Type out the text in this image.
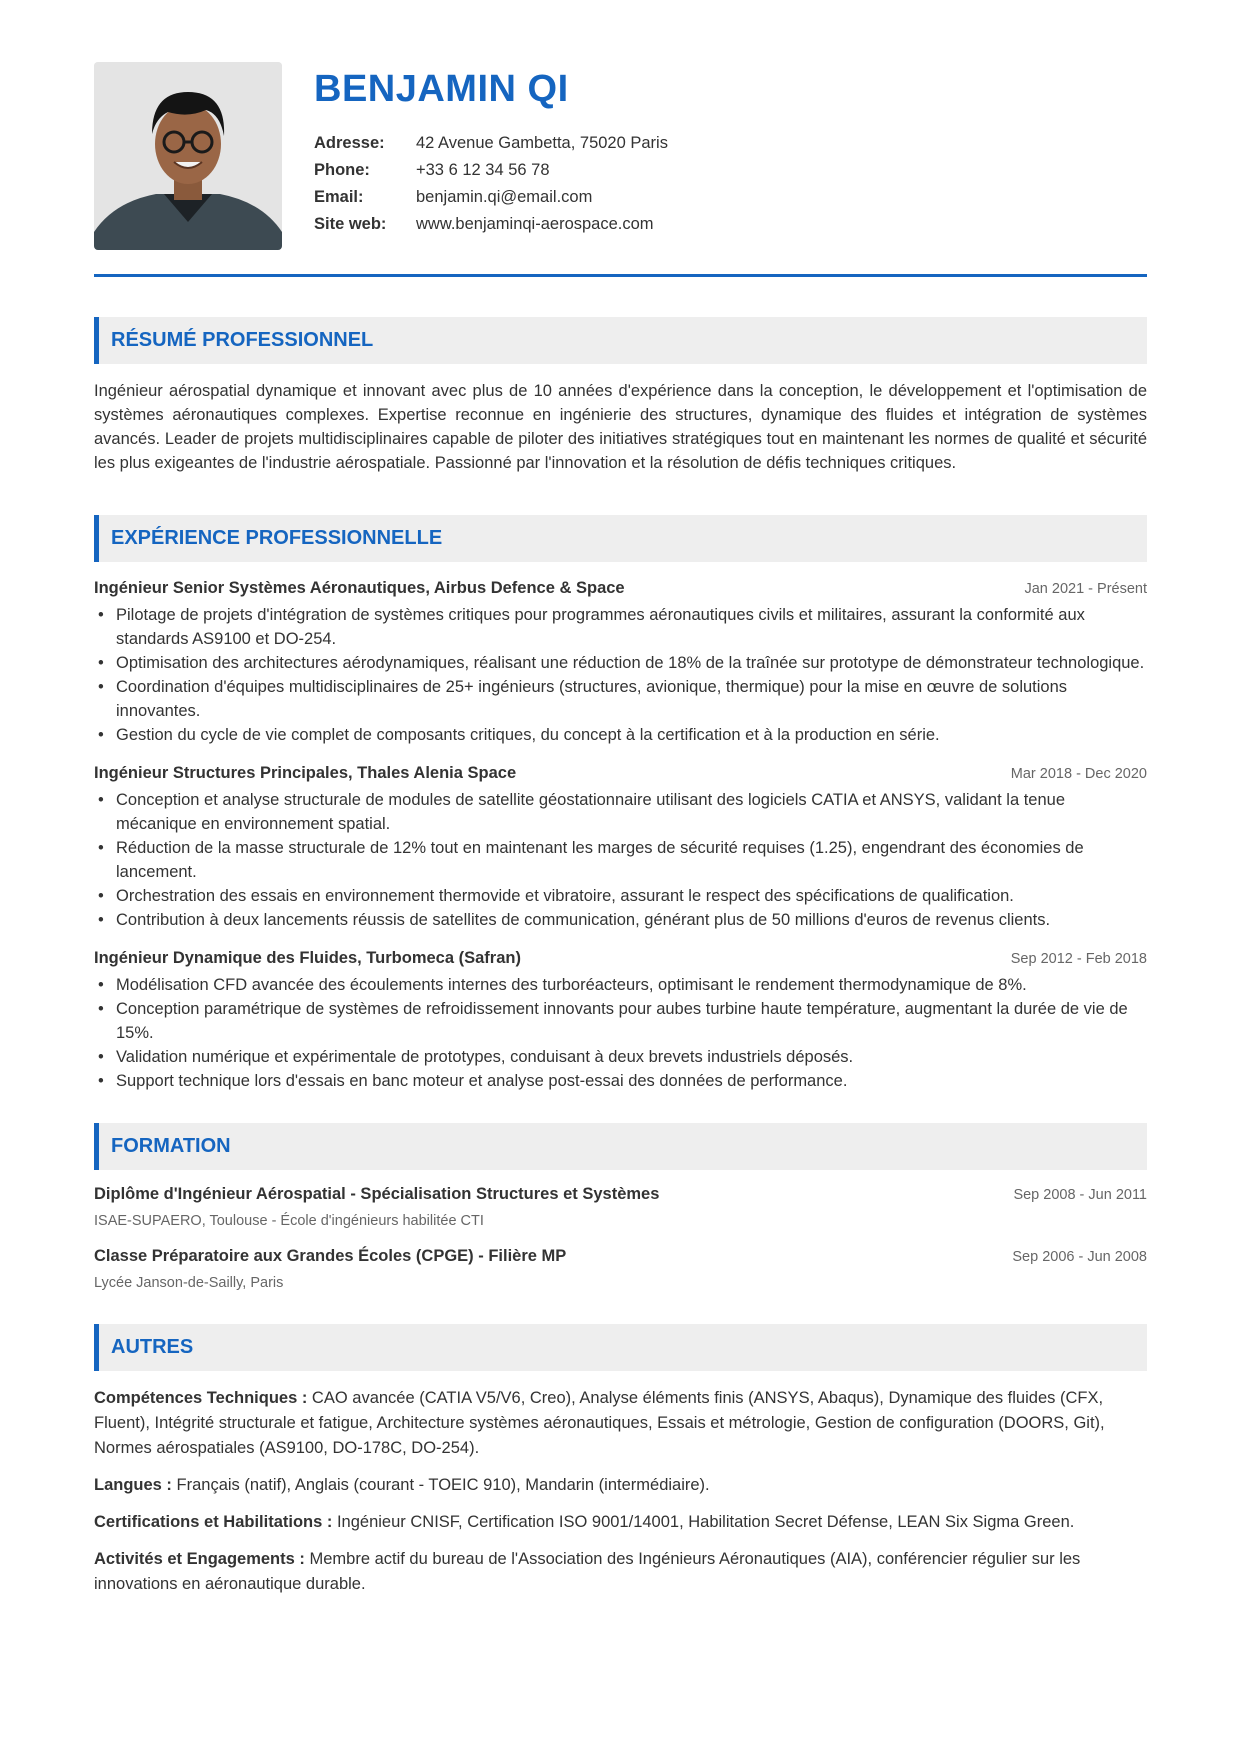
BENJAMIN QI
Adresse:	42 Avenue Gambetta, 75020 Paris
Phone:	+33 6 12 34 56 78
Email:	benjamin.qi@email.com
Site web:	www.benjaminqi-aerospace.com
RÉSUMÉ PROFESSIONNEL

Ingénieur aérospatial dynamique et innovant avec plus de 10 années d'expérience dans la conception, le développement et l'optimisation de systèmes aéronautiques complexes. Expertise reconnue en ingénierie des structures, dynamique des fluides et intégration de systèmes avancés. Leader de projets multidisciplinaires capable de piloter des initiatives stratégiques tout en maintenant les normes de qualité et sécurité les plus exigeantes de l'industrie aérospatiale. Passionné par l'innovation et la résolution de défis techniques critiques.

EXPÉRIENCE PROFESSIONNELLE
Ingénieur Senior Systèmes Aéronautiques, Airbus Defence & Space	Jan 2021 - Présent
• Pilotage de projets d'intégration de systèmes critiques pour programmes aéronautiques civils et militaires, assurant la conformité aux standards AS9100 et DO-254.
• Optimisation des architectures aérodynamiques, réalisant une réduction de 18% de la traînée sur prototype de démonstrateur technologique.
• Coordination d'équipes multidisciplinaires de 25+ ingénieurs (structures, avionique, thermique) pour la mise en œuvre de solutions innovantes.
• Gestion du cycle de vie complet de composants critiques, du concept à la certification et à la production en série.
Ingénieur Structures Principales, Thales Alenia Space	Mar 2018 - Dec 2020
• Conception et analyse structurale de modules de satellite géostationnaire utilisant des logiciels CATIA et ANSYS, validant la tenue mécanique en environnement spatial.
• Réduction de la masse structurale de 12% tout en maintenant les marges de sécurité requises (1.25), engendrant des économies de lancement.
• Orchestration des essais en environnement thermovide et vibratoire, assurant le respect des spécifications de qualification.
• Contribution à deux lancements réussis de satellites de communication, générant plus de 50 millions d'euros de revenus clients.
Ingénieur Dynamique des Fluides, Turbomeca (Safran)	Sep 2012 - Feb 2018
• Modélisation CFD avancée des écoulements internes des turboréacteurs, optimisant le rendement thermodynamique de 8%.
• Conception paramétrique de systèmes de refroidissement innovants pour aubes turbine haute température, augmentant la durée de vie de 15%.
• Validation numérique et expérimentale de prototypes, conduisant à deux brevets industriels déposés.
• Support technique lors d'essais en banc moteur et analyse post-essai des données de performance.
FORMATION
Diplôme d'Ingénieur Aérospatial - Spécialisation Structures et Systèmes	Sep 2008 - Jun 2011
ISAE-SUPAERO, Toulouse - École d'ingénieurs habilitée CTI
Classe Préparatoire aux Grandes Écoles (CPGE) - Filière MP	Sep 2006 - Jun 2008
Lycée Janson-de-Sailly, Paris
AUTRES

Compétences Techniques : CAO avancée (CATIA V5/V6, Creo), Analyse éléments finis (ANSYS, Abaqus), Dynamique des fluides (CFX, Fluent), Intégrité structurale et fatigue, Architecture systèmes aéronautiques, Essais et métrologie, Gestion de configuration (DOORS, Git), Normes aérospatiales (AS9100, DO-178C, DO-254).

Langues : Français (natif), Anglais (courant - TOEIC 910), Mandarin (intermédiaire).

Certifications et Habilitations : Ingénieur CNISF, Certification ISO 9001/14001, Habilitation Secret Défense, LEAN Six Sigma Green.

Activités et Engagements : Membre actif du bureau de l'Association des Ingénieurs Aéronautiques (AIA), conférencier régulier sur les innovations en aéronautique durable.
